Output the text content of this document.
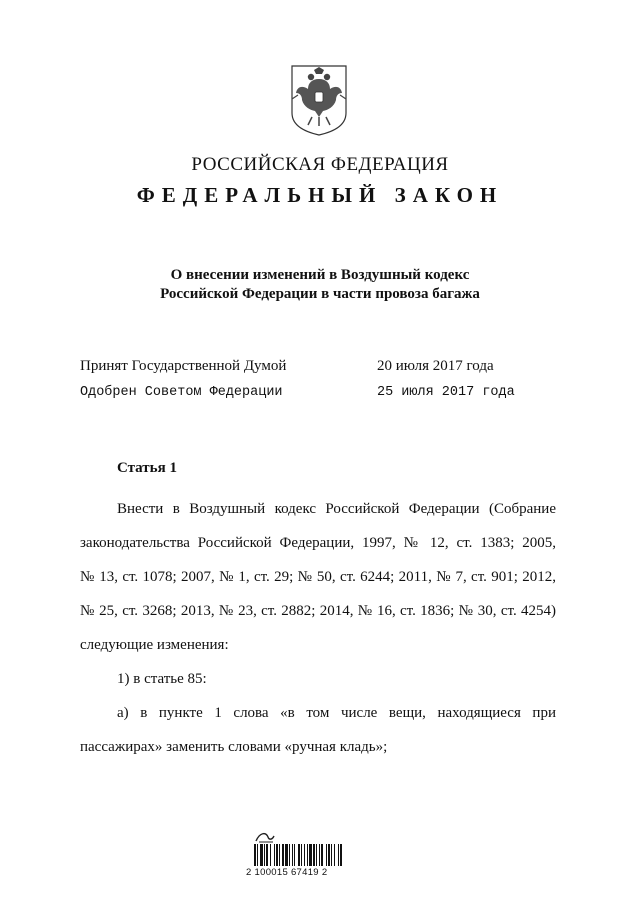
РОССИЙСКАЯ ФЕДЕРАЦИЯ
ФЕДЕРАЛЬНЫЙ ЗАКОН
О внесении изменений в Воздушный кодекс
Российской Федерации в части провоза багажа
Принят Государственной Думой	20 июля 2017 года
Одобрен Советом Федерации	25 июля 2017 года
Статья 1

Внести в Воздушный кодекс Российской Федерации (Собрание

законодательства Российской Федерации, 1997, № 12, ст. 1383; 2005,

№ 13, ст. 1078; 2007, № 1, ст. 29; № 50, ст. 6244; 2011, № 7, ст. 901; 2012,

№ 25, ст. 3268; 2013, № 23, ст. 2882; 2014, № 16, ст. 1836; № 30, ст. 4254)

следующие изменения:

1) в статье 85:

а) в пункте 1 слова «в том числе вещи, находящиеся при

пассажирах» заменить словами «ручная кладь»;

2 100015 67419 2
